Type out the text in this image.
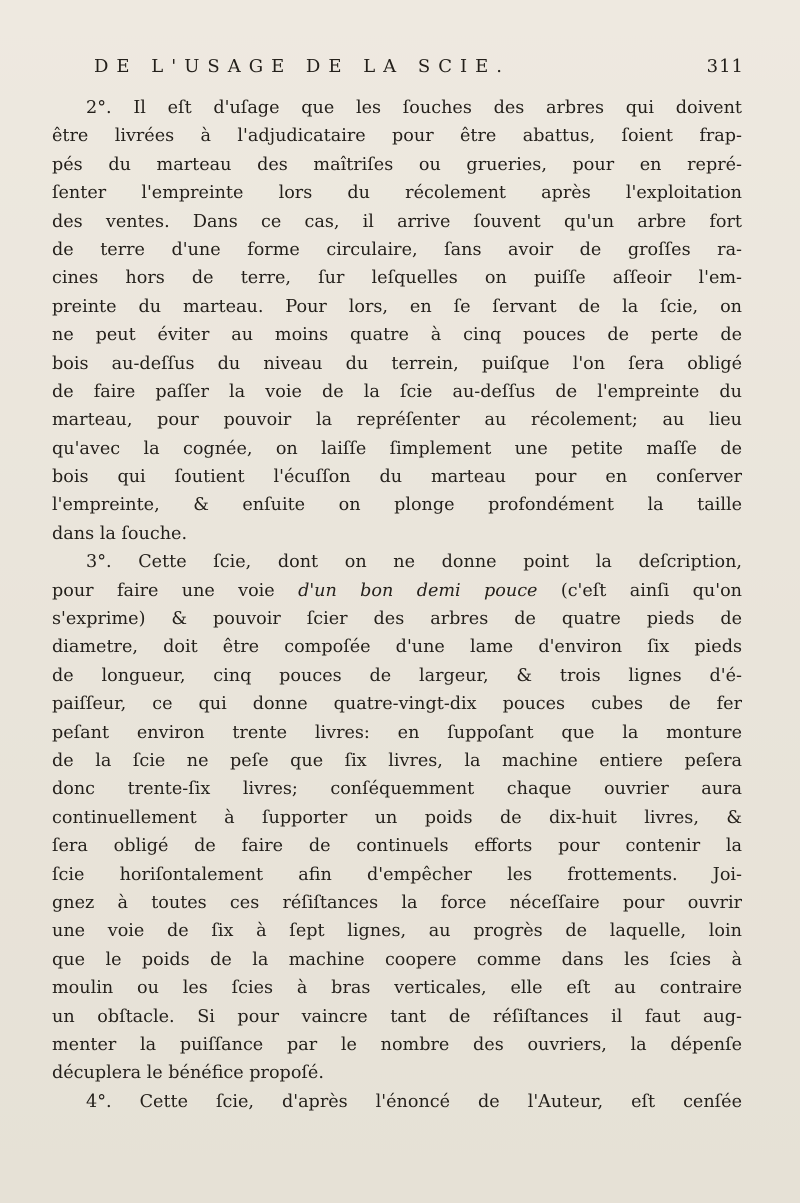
DE L'USAGE DE LA SCIE.	311
2°. Il eſt d'uſage que les ſouches des arbres qui doivent
être livrées à l'adjudicataire pour être abattus, ſoient frap-
pés du marteau des maîtriſes ou grueries, pour en repré-
ſenter l'empreinte lors du récolement après l'exploitation
des ventes. Dans ce cas, il arrive ſouvent qu'un arbre fort
de terre d'une forme circulaire, ſans avoir de groſſes ra-
cines hors de terre, ſur leſquelles on puiſſe aſſeoir l'em-
preinte du marteau. Pour lors, en ſe ſervant de la ſcie, on
ne peut éviter au moins quatre à cinq pouces de perte de
bois au-deſſus du niveau du terrein, puiſque l'on ſera obligé
de faire paſſer la voie de la ſcie au-deſſus de l'empreinte du
marteau, pour pouvoir la repréſenter au récolement; au lieu
qu'avec la cognée, on laiſſe ſimplement une petite maſſe de
bois qui ſoutient l'écuſſon du marteau pour en conſerver
l'empreinte, & enſuite on plonge profondément la taille
dans la ſouche.
3°. Cette ſcie, dont on ne donne point la deſcription,
pour faire une voie d'un bon demi pouce (c'eſt ainſi qu'on
s'exprime) & pouvoir ſcier des arbres de quatre pieds de
diametre, doit être compoſée d'une lame d'environ ſix pieds
de longueur, cinq pouces de largeur, & trois lignes d'é-
paiſſeur, ce qui donne quatre-vingt-dix pouces cubes de fer
peſant environ trente livres: en ſuppoſant que la monture
de la ſcie ne peſe que ſix livres, la machine entiere peſera
donc trente-ſix livres; conſéquemment chaque ouvrier aura
continuellement à ſupporter un poids de dix-huit livres, &
ſera obligé de faire de continuels efforts pour contenir la
ſcie horiſontalement afin d'empêcher les frottements. Joi-
gnez à toutes ces réſiſtances la force néceſſaire pour ouvrir
une voie de ſix à ſept lignes, au progrès de laquelle, loin
que le poids de la machine coopere comme dans les ſcies à
moulin ou les ſcies à bras verticales, elle eſt au contraire
un obſtacle. Si pour vaincre tant de réſiſtances il faut aug-
menter la puiſſance par le nombre des ouvriers, la dépenſe
décuplera le bénéfice propoſé.
4°. Cette ſcie, d'après l'énoncé de l'Auteur, eſt cenſée
